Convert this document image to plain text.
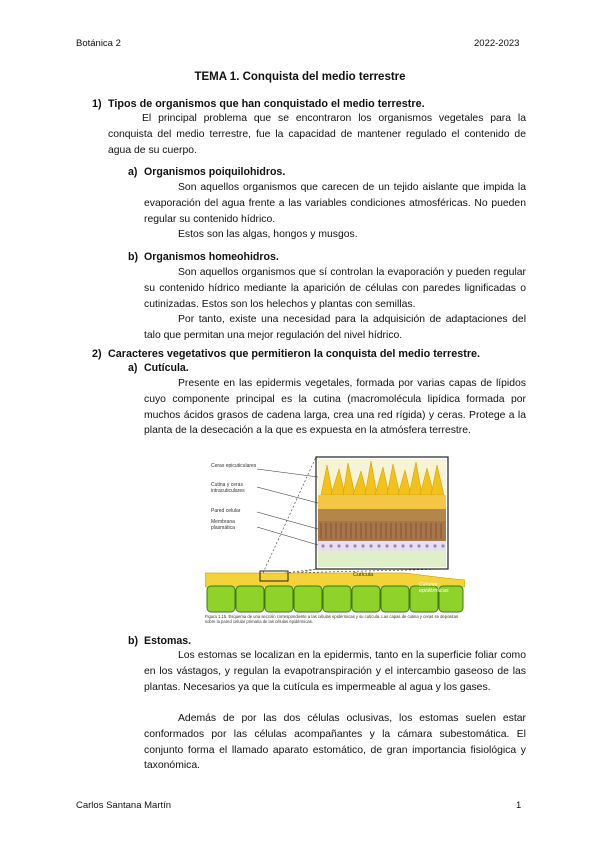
Botánica 2	2022-2023
TEMA 1. Conquista del medio terrestre
1) Tipos de organismos que han conquistado el medio terrestre.
El principal problema que se encontraron los organismos vegetales para la conquista del medio terrestre, fue la capacidad de mantener regulado el contenido de agua de su cuerpo.
a) Organismos poiquilohidros.
Son aquellos organismos que carecen de un tejido aislante que impida la evaporación del agua frente a las variables condiciones atmosféricas. No pueden regular su contenido hídrico.
Estos son las algas, hongos y musgos.
b) Organismos homeohidros.
Son aquellos organismos que sí controlan la evaporación y pueden regular su contenido hídrico mediante la aparición de células con paredes lignificadas o cutinizadas. Estos son los helechos y plantas con semillas.
Por tanto, existe una necesidad para la adquisición de adaptaciones del talo que permitan una mejor regulación del nivel hídrico.
2) Caracteres vegetativos que permitieron la conquista del medio terrestre.
a) Cutícula.
Presente en las epidermis vegetales, formada por varias capas de lípidos cuyo componente principal es la cutina (macromolécula lipídica formada por muchos ácidos grasos de cadena larga, crea una red rígida) y ceras. Protege a la planta de la desecación a la que es expuesta en la atmósfera terrestre.
Ceras epicuticulares
Cutina y ceras intracuticulares
Pared celular
Membrana plasmática
Cutícula
Células epidérmicas
Figura 1.15. Esquema de una sección correspondiente a las células epidérmicas y su cutícula. Las capas de cutina y ceras se depositan sobre la pared celular primaria de las células epidérmicas.
b) Estomas.
Los estomas se localizan en la epidermis, tanto en la superficie foliar como en los vástagos, y regulan la evapotranspiración y el intercambio gaseoso de las plantas. Necesarios ya que la cutícula es impermeable al agua y los gases.
Además de por las dos células oclusivas, los estomas suelen estar conformados por las células acompañantes y la cámara subestomática. El conjunto forma el llamado aparato estomático, de gran importancia fisiológica y taxonómica.
Carlos Santana Martín	1
